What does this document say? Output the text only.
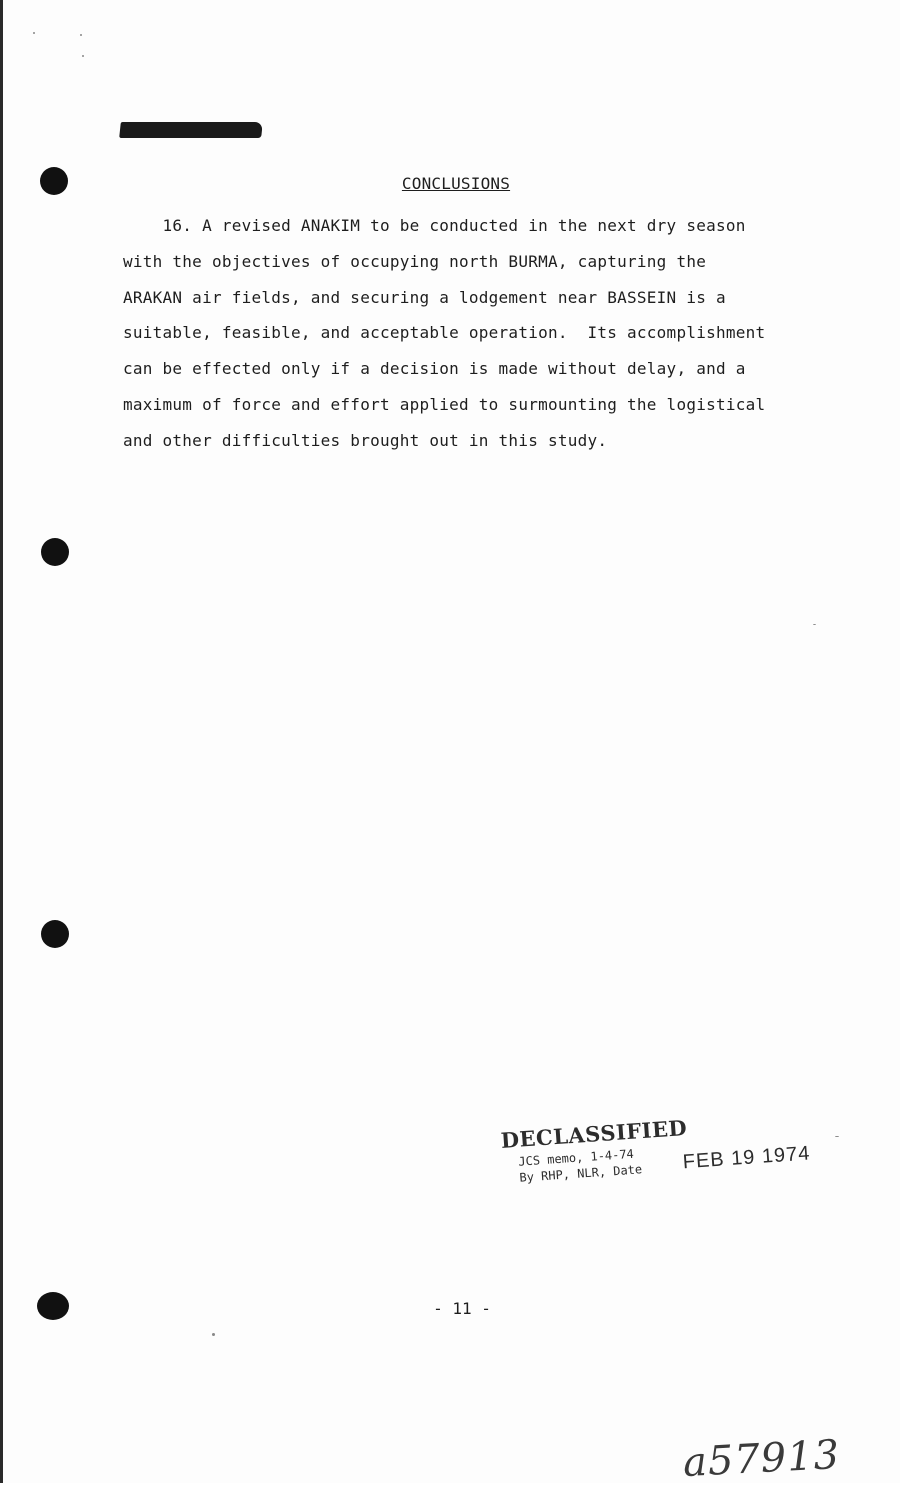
CONCLUSIONS
16. A revised ANAKIM to be conducted in the next dry season
with the objectives of occupying north BURMA, capturing the
ARAKAN air fields, and securing a lodgement near BASSEIN is a
suitable, feasible, and acceptable operation.  Its accomplishment
can be effected only if a decision is made without delay, and a
maximum of force and effort applied to surmounting the logistical
and other difficulties brought out in this study.
DECLASSIFIED
JCS memo, 1-4-74
By RHP, NLR, Date
FEB 19 1974
- 11 -
a57913
